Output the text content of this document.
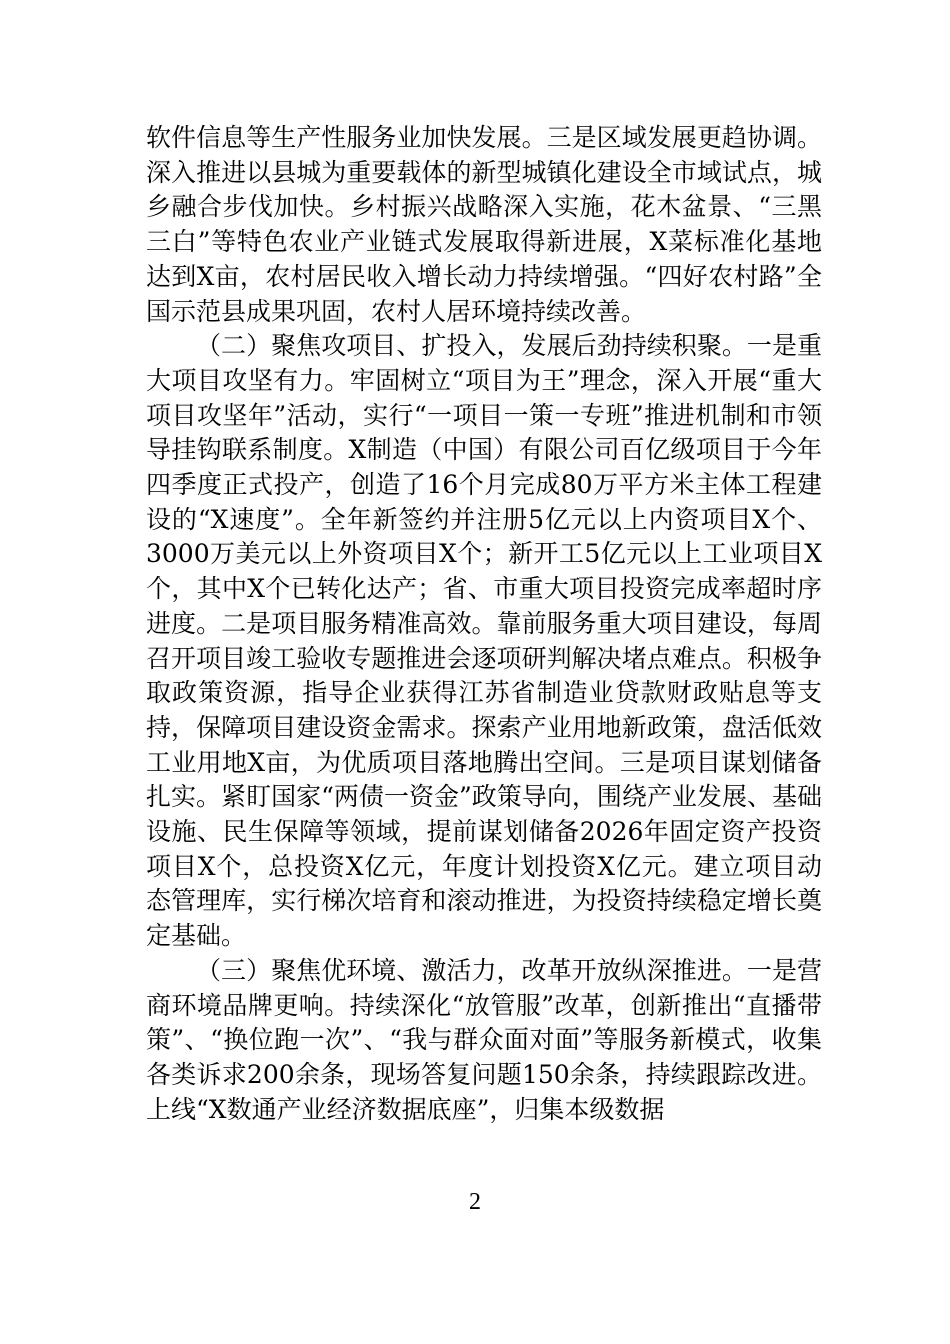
软件信息等生产性服务业加快发展。三是区域发展更趋协调。深入推进以县城为重要载体的新型城镇化建设全市域试点，城乡融合步伐加快。乡村振兴战略深入实施，花木盆景、“三黑三白”等特色农业产业链式发展取得新进展，X菜标准化基地达到X亩，农村居民收入增长动力持续增强。“四好农村路”全国示范县成果巩固，农村人居环境持续改善。

（二）聚焦攻项目、扩投入，发展后劲持续积聚。一是重大项目攻坚有力。牢固树立“项目为王”理念，深入开展“重大项目攻坚年”活动，实行“一项目一策一专班”推进机制和市领导挂钩联系制度。X制造（中国）有限公司百亿级项目于今年四季度正式投产，创造了16个月完成80万平方米主体工程建设的“X速度”。全年新签约并注册5亿元以上内资项目X个、3000万美元以上外资项目X个；新开工5亿元以上工业项目X个，其中X个已转化达产；省、市重大项目投资完成率超时序进度。二是项目服务精准高效。靠前服务重大项目建设，每周召开项目竣工验收专题推进会逐项研判解决堵点难点。积极争取政策资源，指导企业获得江苏省制造业贷款财政贴息等支持，保障项目建设资金需求。探索产业用地新政策，盘活低效工业用地X亩，为优质项目落地腾出空间。三是项目谋划储备扎实。紧盯国家“两债一资金”政策导向，围绕产业发展、基础设施、民生保障等领域，提前谋划储备2026年固定资产投资项目X个，总投资X亿元，年度计划投资X亿元。建立项目动态管理库，实行梯次培育和滚动推进，为投资持续稳定增长奠定基础。

（三）聚焦优环境、激活力，改革开放纵深推进。一是营商环境品牌更响。持续深化“放管服”改革，创新推出“直播带策”、“换位跑一次”、“我与群众面对面”等服务新模式，收集各类诉求200余条，现场答复问题150余条，持续跟踪改进。上线“X数通产业经济数据底座”，归集本级数据

2
